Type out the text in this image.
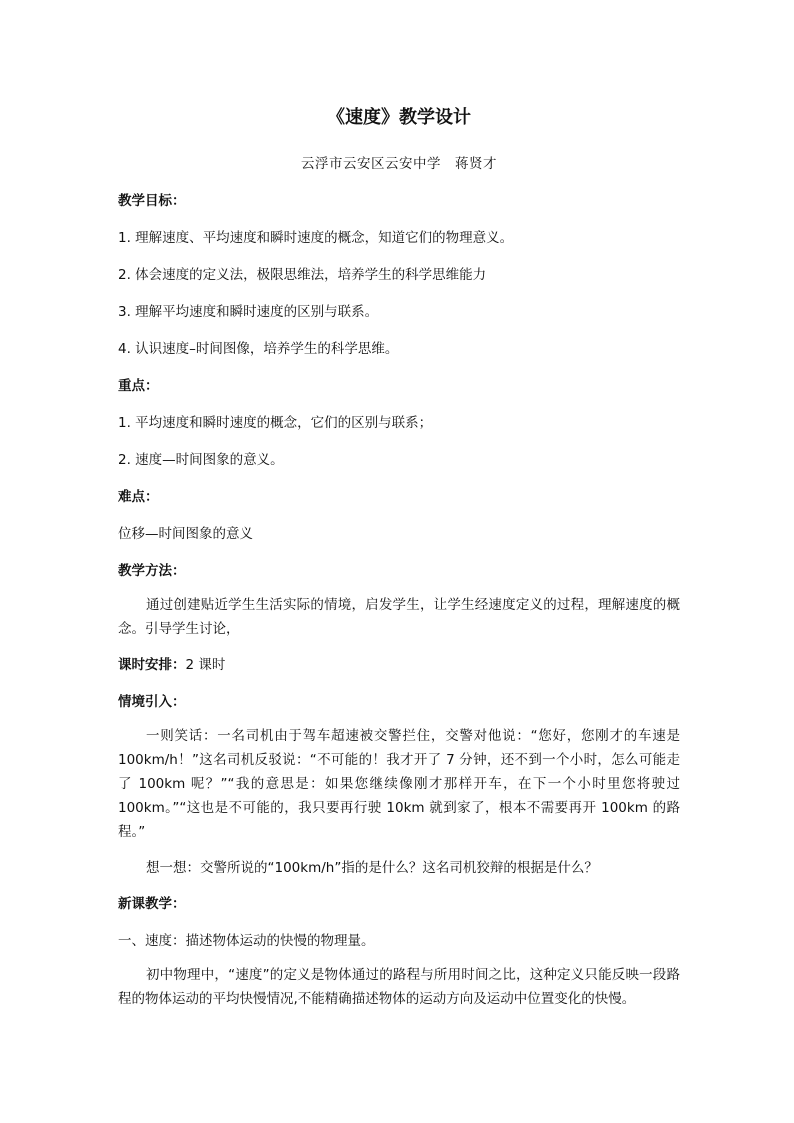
《速度》教学设计
云浮市云安区云安中学　蒋贤才
教学目标：
1. 理解速度、平均速度和瞬时速度的概念，知道它们的物理意义。
2. 体会速度的定义法，极限思维法，培养学生的科学思维能力
3. 理解平均速度和瞬时速度的区别与联系。
4. 认识速度–时间图像，培养学生的科学思维。
重点：
1. 平均速度和瞬时速度的概念，它们的区别与联系；
2. 速度—时间图象的意义。
难点：
位移—时间图象的意义
教学方法：

通过创建贴近学生生活实际的情境，启发学生，让学生经速度定义的过程，理解速度的概念。引导学生讨论，

课时安排：2 课时
情境引入：

一则笑话：一名司机由于驾车超速被交警拦住，交警对他说：“您好，您刚才的车速是100km/h！”这名司机反驳说：“不可能的！我才开了 7 分钟，还不到一个小时，怎么可能走了 100km 呢？”“我的意思是：如果您继续像刚才那样开车，在下一个小时里您将驶过100km。”“这也是不可能的，我只要再行驶 10km 就到家了，根本不需要再开 100km 的路程。”

想一想：交警所说的“100km/h”指的是什么？这名司机狡辩的根据是什么？

新课教学：
一、速度：描述物体运动的快慢的物理量。

初中物理中，“速度”的定义是物体通过的路程与所用时间之比，这种定义只能反映一段路程的物体运动的平均快慢情况,不能精确描述物体的运动方向及运动中位置变化的快慢。
